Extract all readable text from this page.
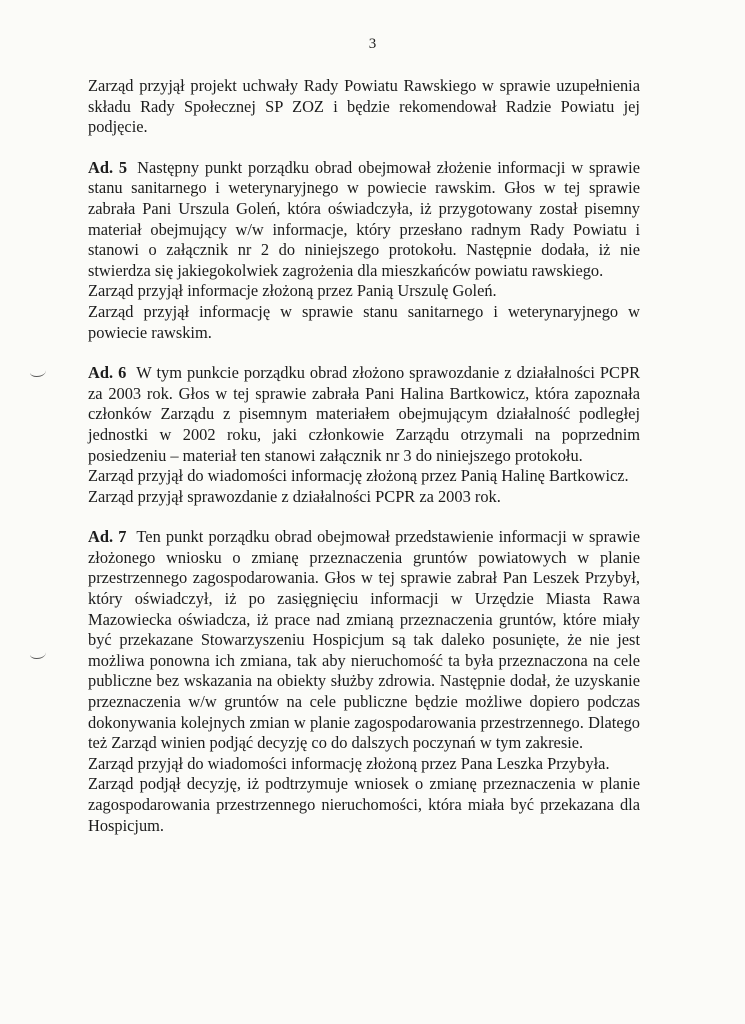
3

Zarząd przyjął projekt uchwały Rady Powiatu Rawskiego w sprawie uzupełnienia składu Rady Społecznej SP ZOZ i będzie rekomendował Radzie Powiatu jej podjęcie.

Ad. 5 Następny punkt porządku obrad obejmował złożenie informacji w sprawie stanu sanitarnego i weterynaryjnego w powiecie rawskim. Głos w tej sprawie zabrała Pani Urszula Goleń, która oświadczyła, iż przygotowany został pisemny materiał obejmujący w/w informacje, który przesłano radnym Rady Powiatu i stanowi o załącznik nr 2 do niniejszego protokołu. Następnie dodała, iż nie stwierdza się jakiegokolwiek zagrożenia dla mieszkańców powiatu rawskiego.

Zarząd przyjął informacje złożoną przez Panią Urszulę Goleń.

Zarząd przyjął informację w sprawie stanu sanitarnego i weterynaryjnego w powiecie rawskim.

Ad. 6 W tym punkcie porządku obrad złożono sprawozdanie z działalności PCPR za 2003 rok. Głos w tej sprawie zabrała Pani Halina Bartkowicz, która zapoznała członków Zarządu z pisemnym materiałem obejmującym działalność podległej jednostki w 2002 roku, jaki członkowie Zarządu otrzymali na poprzednim posiedzeniu – materiał ten stanowi załącznik nr 3 do niniejszego protokołu.

Zarząd przyjął do wiadomości informację złożoną przez Panią Halinę Bartkowicz.

Zarząd przyjął sprawozdanie z działalności PCPR za 2003 rok.

Ad. 7 Ten punkt porządku obrad obejmował przedstawienie informacji w sprawie złożonego wniosku o zmianę przeznaczenia gruntów powiatowych w planie przestrzennego zagospodarowania. Głos w tej sprawie zabrał Pan Leszek Przybył, który oświadczył, iż po zasięgnięciu informacji w Urzędzie Miasta Rawa Mazowiecka oświadcza, iż prace nad zmianą przeznaczenia gruntów, które miały być przekazane Stowarzyszeniu Hospicjum są tak daleko posunięte, że nie jest możliwa ponowna ich zmiana, tak aby nieruchomość ta była przeznaczona na cele publiczne bez wskazania na obiekty służby zdrowia. Następnie dodał, że uzyskanie przeznaczenia w/w gruntów na cele publiczne będzie możliwe dopiero podczas dokonywania kolejnych zmian w planie zagospodarowania przestrzennego. Dlatego też Zarząd winien podjąć decyzję co do dalszych poczynań w tym zakresie.

Zarząd przyjął do wiadomości informację złożoną przez Pana Leszka Przybyła.

Zarząd podjął decyzję, iż podtrzymuje wniosek o zmianę przeznaczenia w planie zagospodarowania przestrzennego nieruchomości, która miała być przekazana dla Hospicjum.
